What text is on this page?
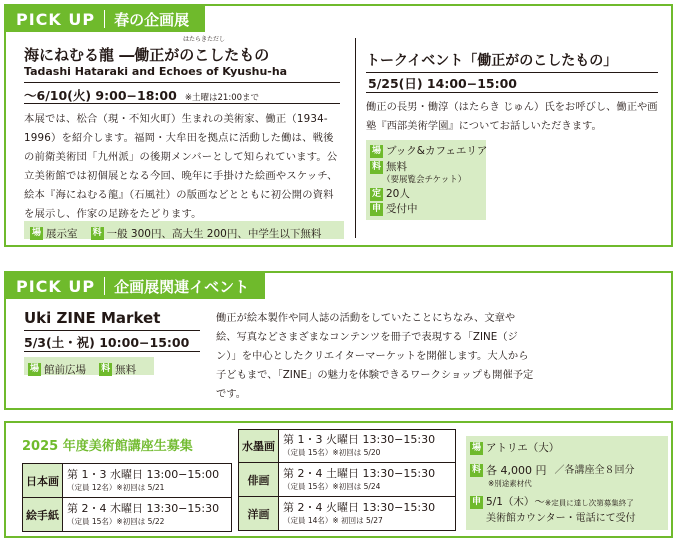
PICK UP	春の企画展
はたらきただし
海にねむる龍 ―働正がのこしたもの
Tadashi Hataraki and Echoes of Kyushu-ha
〜6/10(火) 9:00−18:00 ※土曜は21:00まで
本展では、松合（現・不知火町）生まれの美術家、働正（1934-1996）を紹介します。福岡・大牟田を拠点に活動した働は、戦後の前衛美術団「九州派」の後期メンバーとして知られています。公立美術館では初個展となる今回、晩年に手掛けた絵画やスケッチ、絵本『海にねむる龍』（石風社）の版画などとともに初公開の資料を展示し、作家の足跡をたどります。
場 展示室 料 一般 300円、高大生 200円、中学生以下無料
トークイベント「働正がのこしたもの」
5/25(日) 14:00−15:00
働正の長男・働淳（はたらき じゅん）氏をお呼びし、働正や画塾『西部美術学園』についてお話しいただきます。
場 ブック&カフェエリア
料 無料
（要展覧会チケット）
定 20人
申 受付中
PICK UP	企画展関連イベント
Uki ZINE Market
5/3(土・祝) 10:00−15:00
場 館前広場 料 無料
働正が絵本製作や同人誌の活動をしていたことにちなみ、文章や絵、写真などさまざまなコンテンツを冊子で表現する「ZINE（ジン）」を中心としたクリエイターマーケットを開催します。大人から子どもまで、「ZINE」の魅力を体験できるワークショップも開催予定です。
2025 年度美術館講座生募集
日本画	第 1・3 水曜日 13:00−15:00
（定員 12名）※初回は 5/21

絵手紙	第 2・4 木曜日 13:30−15:30
（定員 15名）※初回は 5/22
水墨画	第 1・3 火曜日 13:30−15:30
（定員 15名）※初回は 5/20

俳画	第 2・4 土曜日 13:30−15:30
（定員 15名）※初回は 5/24

洋画	第 2・4 火曜日 13:30−15:30
（定員 14名）※ 初回は 5/27
場 アトリエ（大）
料 各 4,000 円 ／各講座全８回分
※別途素材代
申 5/1（木）〜※定員に達し次第募集終了
美術館カウンター・電話にて受付
